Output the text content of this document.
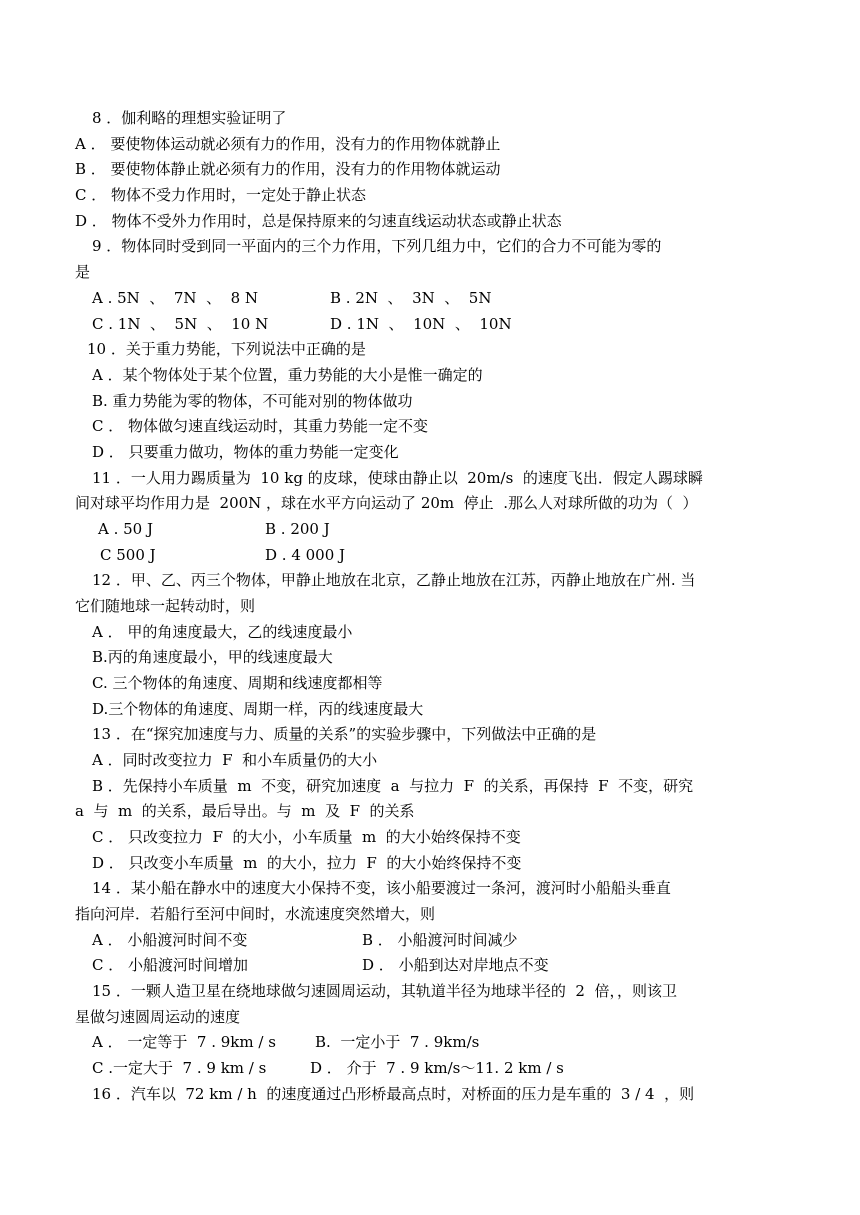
8 ．伽利略的理想实验证明了
A ． 要使物体运动就必须有力的作用，没有力的作用物体就静止
B ． 要使物体静止就必须有力的作用，没有力的作用物体就运动
C ． 物体不受力作用时，一定处于静止状态
D ． 物体不受外力作用时，总是保持原来的匀速直线运动状态或静止状态
9 ．物体同时受到同一平面内的三个力作用，下列几组力中，它们的合力不可能为零的
是
A . 5N  、  7N  、  8 N	B . 2N  、  3N  、  5N
C . 1N  、  5N  、  10 N	D . 1N  、  10N  、  10N
10 ．关于重力势能，下列说法中正确的是
A ．某个物体处于某个位置，重力势能的大小是惟一确定的
B. 重力势能为零的物体，不可能对别的物体做功
C ． 物体做匀速直线运动时，其重力势能一定不变
D ． 只要重力做功，物体的重力势能一定变化
11 ．一人用力踢质量为  10 kg 的皮球，使球由静止以  20m/s  的速度飞出．假定人踢球瞬
间对球平均作用力是  200N ，球在水平方向运动了 20m  停止  .那么人对球所做的功为（  ）
A . 50 J	B . 200 J
C 500 J	D . 4 000 J
12 ．甲、乙、丙三个物体，甲静止地放在北京，乙静止地放在江苏，丙静止地放在广州. 当
它们随地球一起转动时，则
A ． 甲的角速度最大，乙的线速度最小
B.丙的角速度最小，甲的线速度最大
C. 三个物体的角速度、周期和线速度都相等
D.三个物体的角速度、周期一样，丙的线速度最大
13 ．在“探究加速度与力、质量的关系”的实验步骤中，下列做法中正确的是
A ．同时改变拉力  F  和小车质量仍的大小
B ．先保持小车质量  m  不变，研究加速度  a  与拉力  F  的关系，再保持  F  不变，研究
a  与  m  的关系，最后导出。与  m  及  F  的关系
C ． 只改变拉力  F  的大小，小车质量  m  的大小始终保持不变
D ． 只改变小车质量  m  的大小，拉力  F  的大小始终保持不变
14 ．某小船在静水中的速度大小保持不变，该小船要渡过一条河，渡河时小船船头垂直
指向河岸．若船行至河中间时，水流速度突然增大，则
A ． 小船渡河时间不变	B ． 小船渡河时间减少
C ． 小船渡河时间增加	D ． 小船到达对岸地点不变
15 ．一颗人造卫星在绕地球做匀速圆周运动，其轨道半径为地球半径的  2  倍，，则该卫
星做匀速圆周运动的速度
A ． 一定等于  7 . 9km / s	B.  一定小于  7 . 9km/s
C .一定大于  7 . 9 km / s	D ． 介于  7 . 9 km/s～11. 2 km / s
16 ．汽车以  72 km / h  的速度通过凸形桥最高点时，对桥面的压力是车重的  3 / 4  ，则
